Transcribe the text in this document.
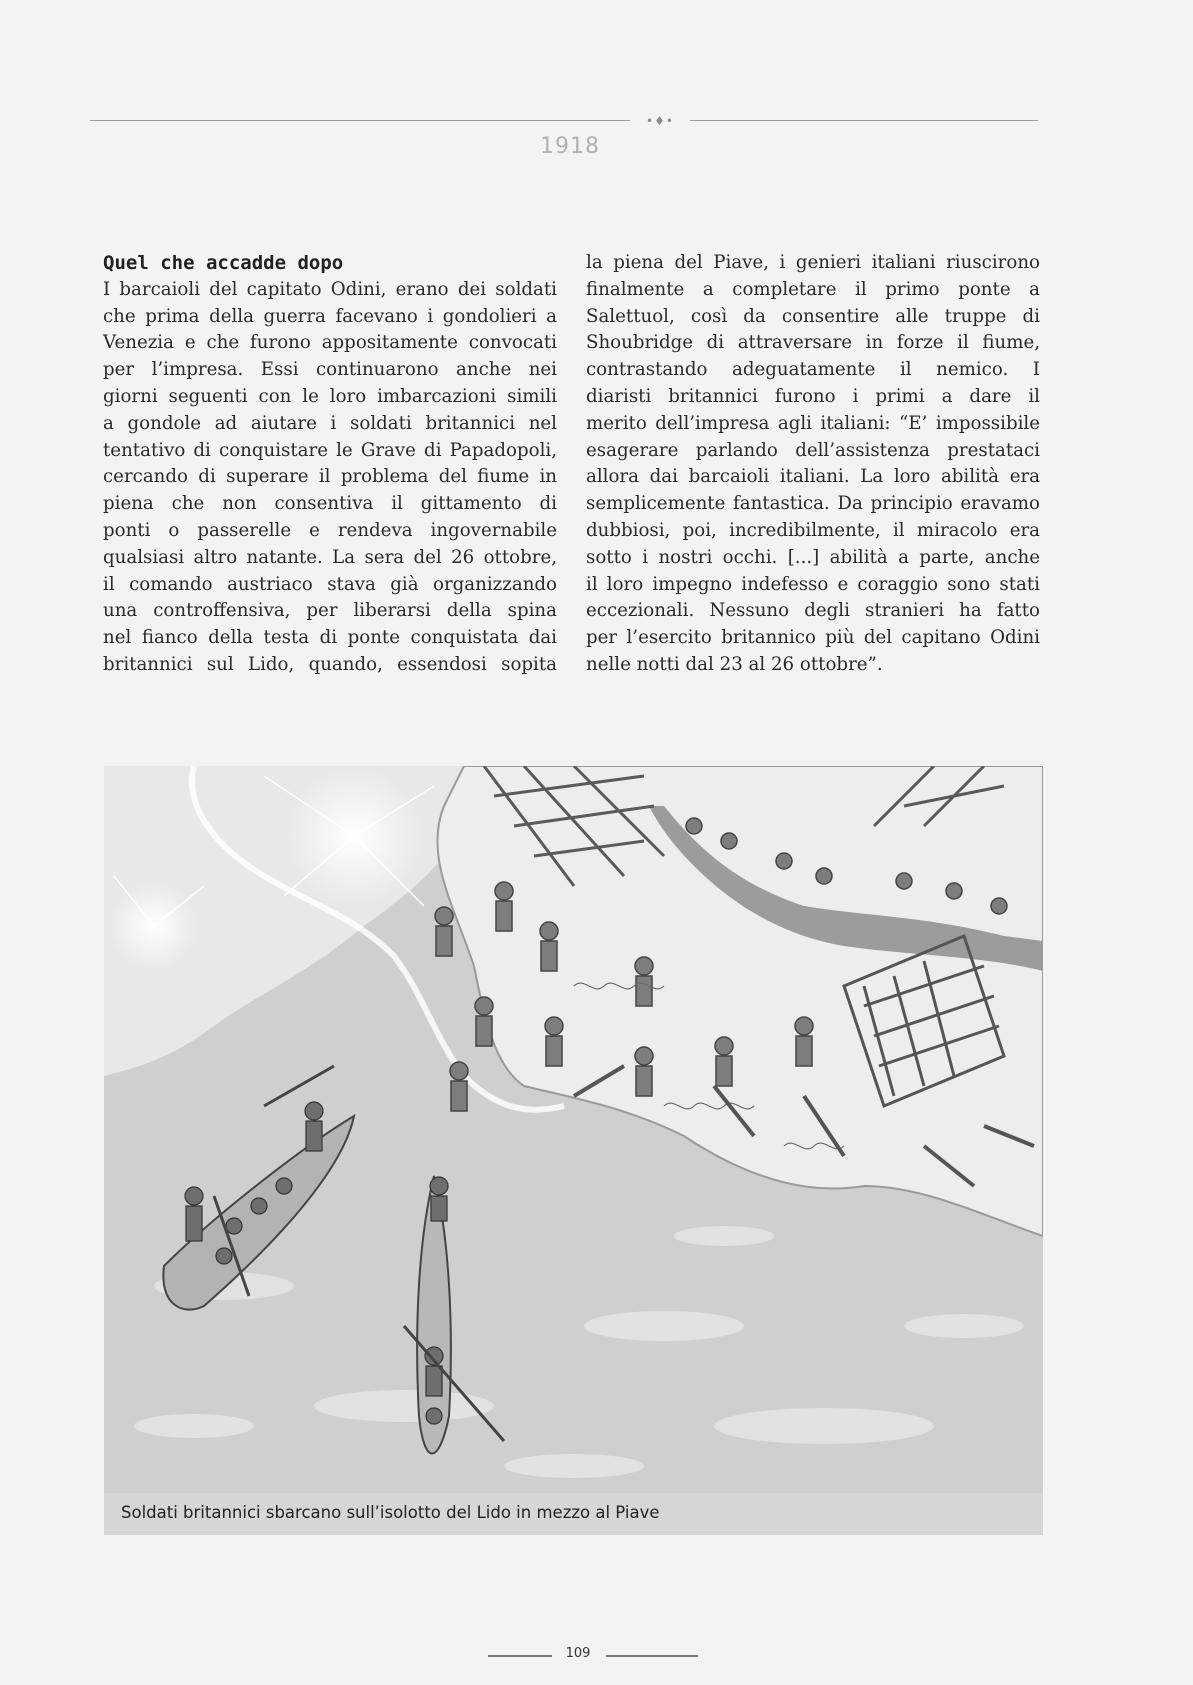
•♦•
1918

Quel che accadde dopo

I barcaioli del capitato Odini, erano dei soldati
che prima della guerra facevano i gondolieri a
Venezia e che furono appositamente convocati
per l’impresa. Essi continuarono anche nei
giorni seguenti con le loro imbarcazioni simili
a gondole ad aiutare i soldati britannici nel
tentativo di conquistare le Grave di Papadopoli,
cercando di superare il problema del fiume in
piena che non consentiva il gittamento di
ponti o passerelle e rendeva ingovernabile
qualsiasi altro natante. La sera del 26 ottobre,
il comando austriaco stava già organizzando
una controffensiva, per liberarsi della spina
nel fianco della testa di ponte conquistata dai
britannici sul Lido, quando, essendosi sopita
la piena del Piave, i genieri italiani riuscirono
finalmente a completare il primo ponte a
Salettuol, così da consentire alle truppe di
Shoubridge di attraversare in forze il fiume,
contrastando adeguatamente il nemico. I
diaristi britannici furono i primi a dare il
merito dell’impresa agli italiani: “E’ impossibile
esagerare parlando dell’assistenza prestataci
allora dai barcaioli italiani. La loro abilità era
semplicemente fantastica. Da principio eravamo
dubbiosi, poi, incredibilmente, il miracolo era
sotto i nostri occhi. [...] abilità a parte, anche
il loro impegno indefesso e coraggio sono stati
eccezionali. Nessuno degli stranieri ha fatto
per l’esercito britannico più del capitano Odini
nelle notti dal 23 al 26 ottobre”.
Soldati britannici sbarcano sull’isolotto del Lido in mezzo al Piave
109
